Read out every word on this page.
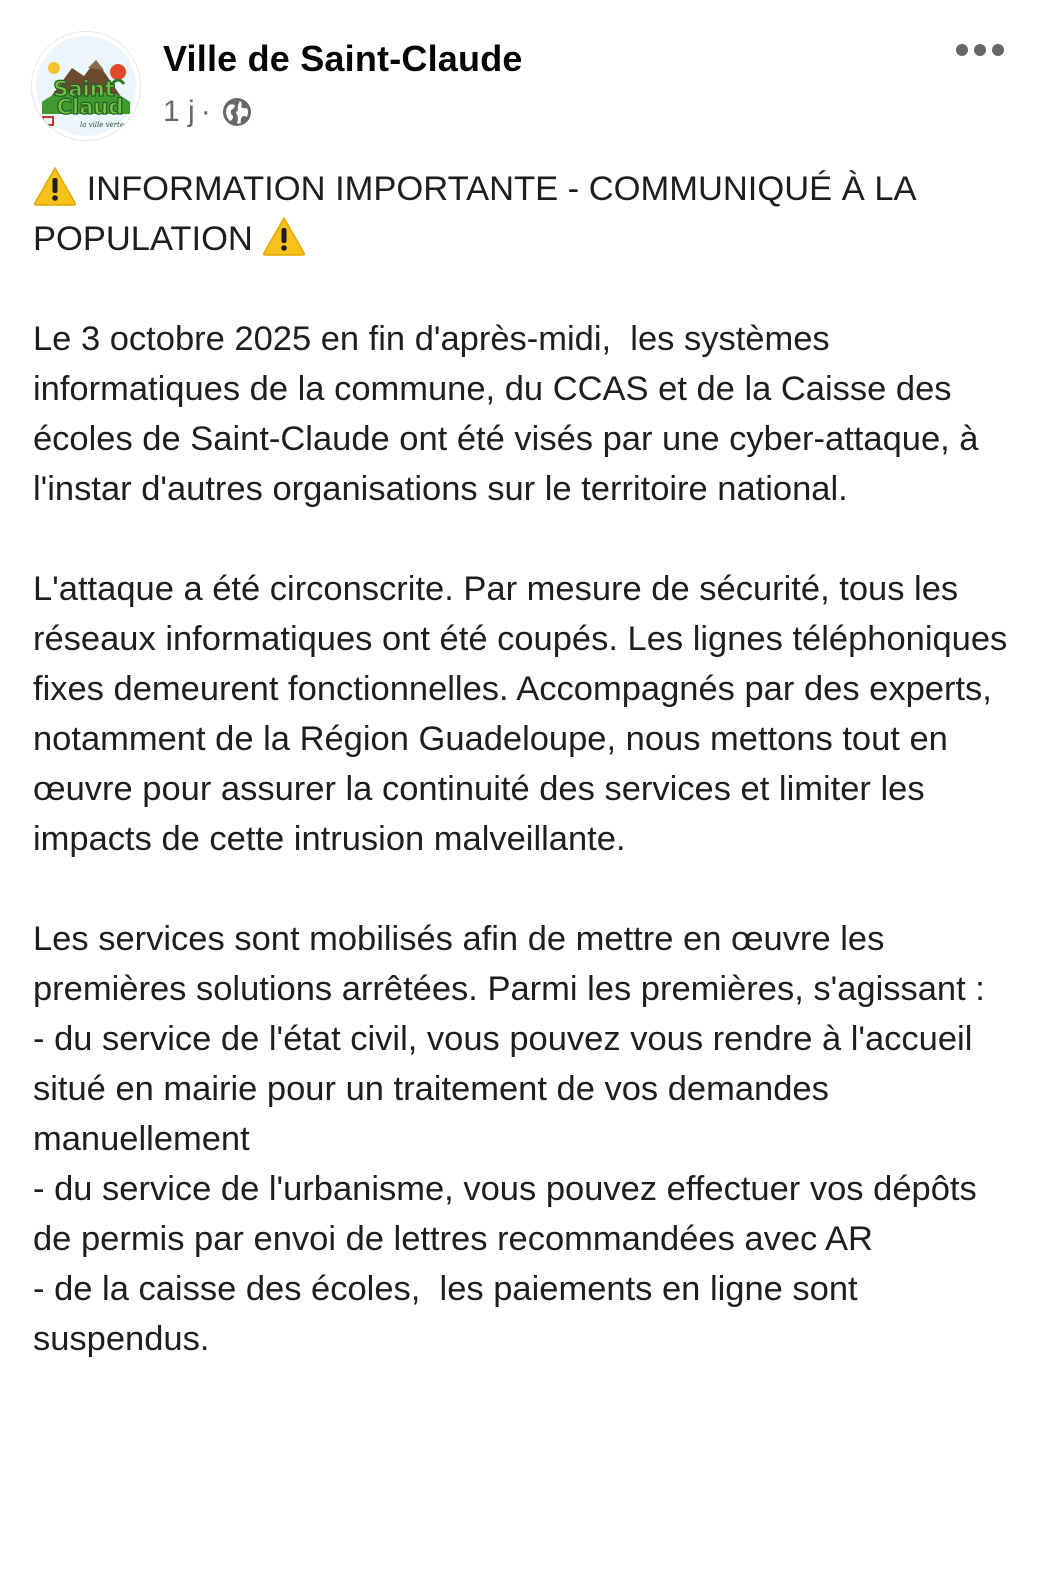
Saint
Claud
la ville verte
Ville de Saint-Claude
1 j ·

INFORMATION IMPORTANTE - COMMUNIQUÉ À LA
POPULATION

Le 3 octobre 2025 en fin d'après-midi,  les systèmes informatiques de la commune, du CCAS et de la Caisse des écoles de Saint-Claude ont été visés par une cyber-attaque, à l'instar d'autres organisations sur le territoire national.

L'attaque a été circonscrite. Par mesure de sécurité, tous les réseaux informatiques ont été coupés. Les lignes téléphoniques fixes demeurent fonctionnelles. Accompagnés par des experts, notamment de la Région Guadeloupe, nous mettons tout en œuvre pour assurer la continuité des services et limiter les impacts de cette intrusion malveillante.

Les services sont mobilisés afin de mettre en œuvre les premières solutions arrêtées. Parmi les premières, s'agissant :

- du service de l'état civil, vous pouvez vous rendre à l'accueil situé en mairie pour un traitement de vos demandes manuellement

- du service de l'urbanisme, vous pouvez effectuer vos dépôts de permis par envoi de lettres recommandées avec AR

- de la caisse des écoles,  les paiements en ligne sont suspendus.
